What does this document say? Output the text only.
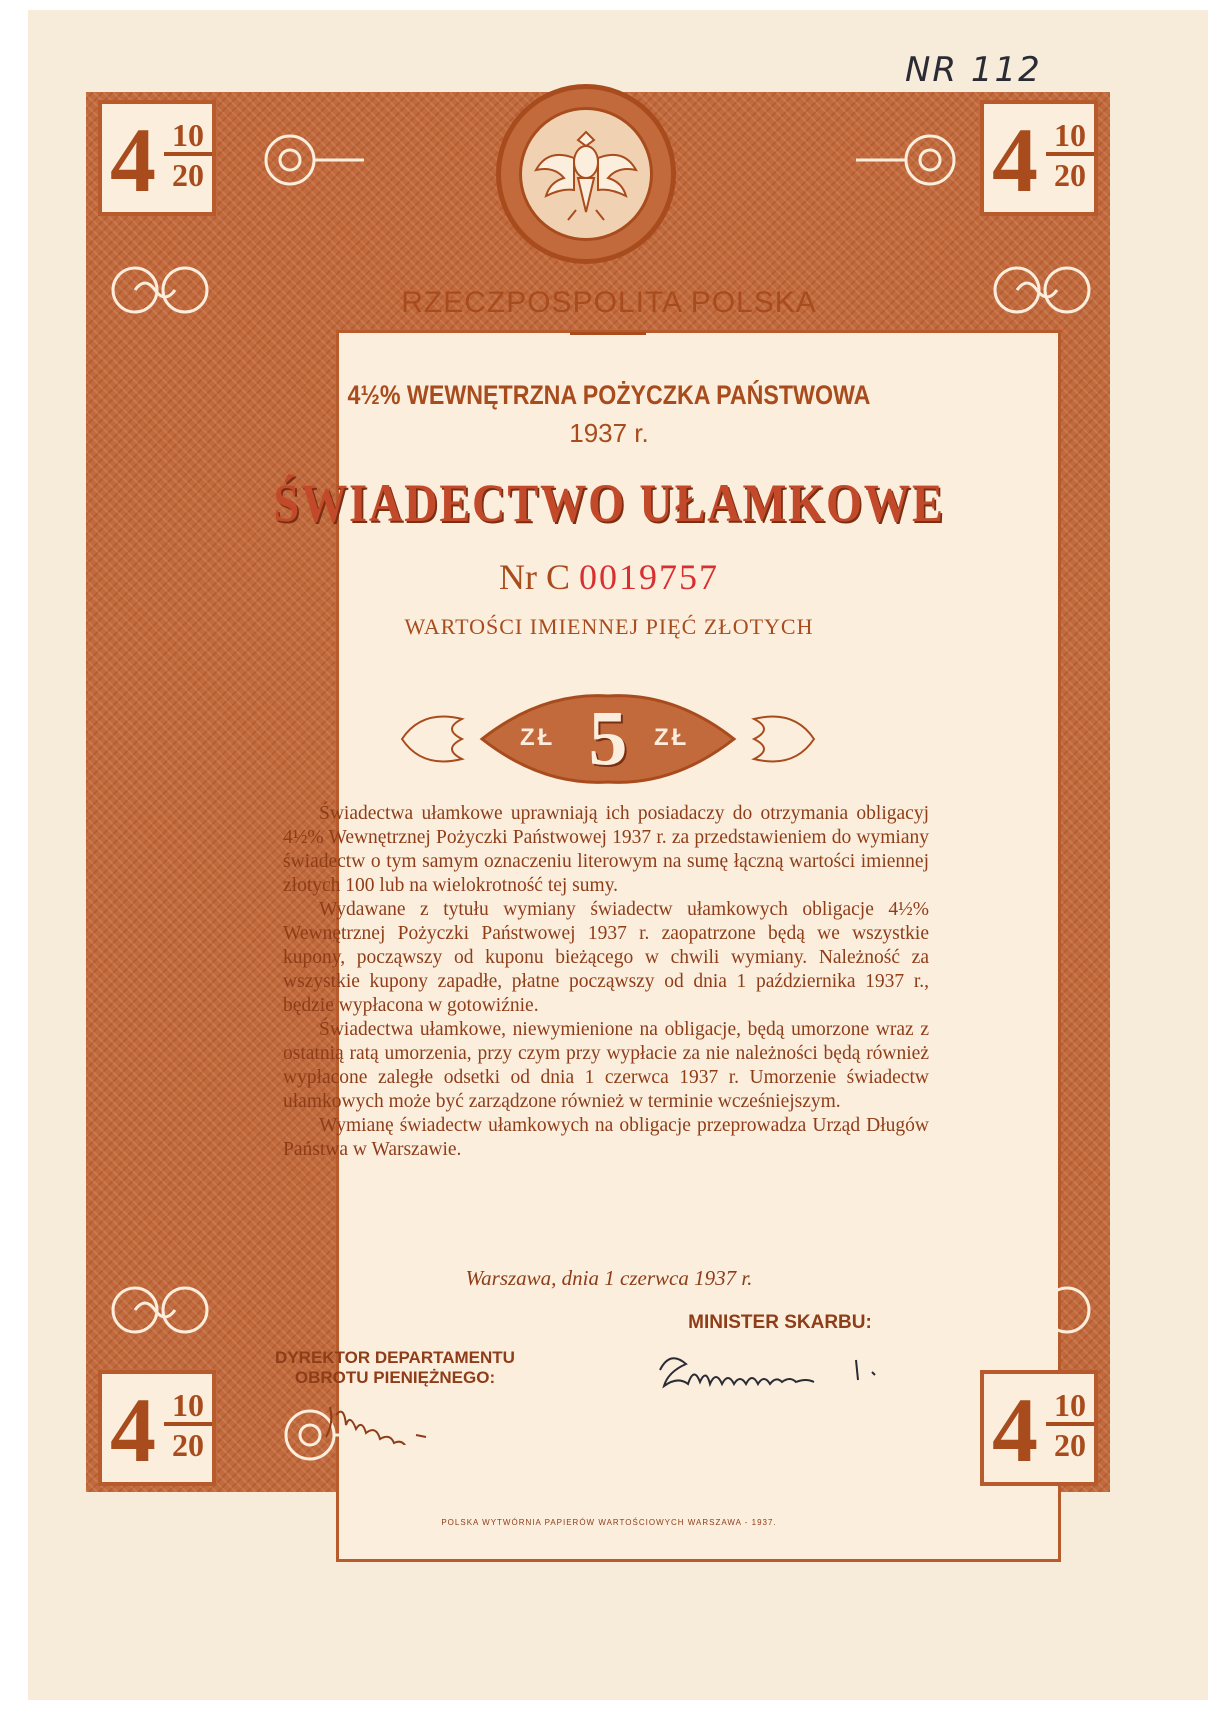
NR 112
$4 \frac{10}{20}$	$4 \frac{10}{20}$
$4 \frac{10}{20}$	$4 \frac{10}{20}$
RZECZPOSPOLITA POLSKA
4½% WEWNĘTRZNA POŻYCZKA PAŃSTWOWA
1937 r.
ŚWIADECTWO UŁAMKOWE
Nr C 0019757
WARTOŚCI IMIENNEJ PIĘĆ ZŁOTYCH
ZŁ 5 ZŁ

Świadectwa ułamkowe uprawniają ich posiadaczy do otrzymania obligacyj 4½% Wewnętrznej Pożyczki Państwowej 1937 r. za przedstawieniem do wymiany świadectw o tym samym oznaczeniu literowym na sumę łączną wartości imiennej złotych 100 lub na wielokrotność tej sumy.

Wydawane z tytułu wymiany świadectw ułamkowych obligacje 4½% Wewnętrznej Pożyczki Państwowej 1937 r. zaopatrzone będą we wszystkie kupony, począwszy od kuponu bieżącego w chwili wymiany. Należność za wszystkie kupony zapadłe, płatne począwszy od dnia 1 października 1937 r., będzie wypłacona w gotowiźnie.

Świadectwa ułamkowe, niewymienione na obligacje, będą umorzone wraz z ostatnią ratą umorzenia, przy czym przy wypłacie za nie należności będą również wypłacone zaległe odsetki od dnia 1 czerwca 1937 r. Umorzenie świadectw ułamkowych może być zarządzone również w terminie wcześniejszym.

Wymianę świadectw ułamkowych na obligacje przeprowadza Urząd Długów Państwa w Warszawie.

Warszawa, dnia 1 czerwca 1937 r.
DYREKTOR DEPARTAMENTU
OBROTU PIENIĘŻNEGO:
MINISTER SKARBU:
POLSKA WYTWÓRNIA PAPIERÓW WARTOŚCIOWYCH WARSZAWA - 1937.
